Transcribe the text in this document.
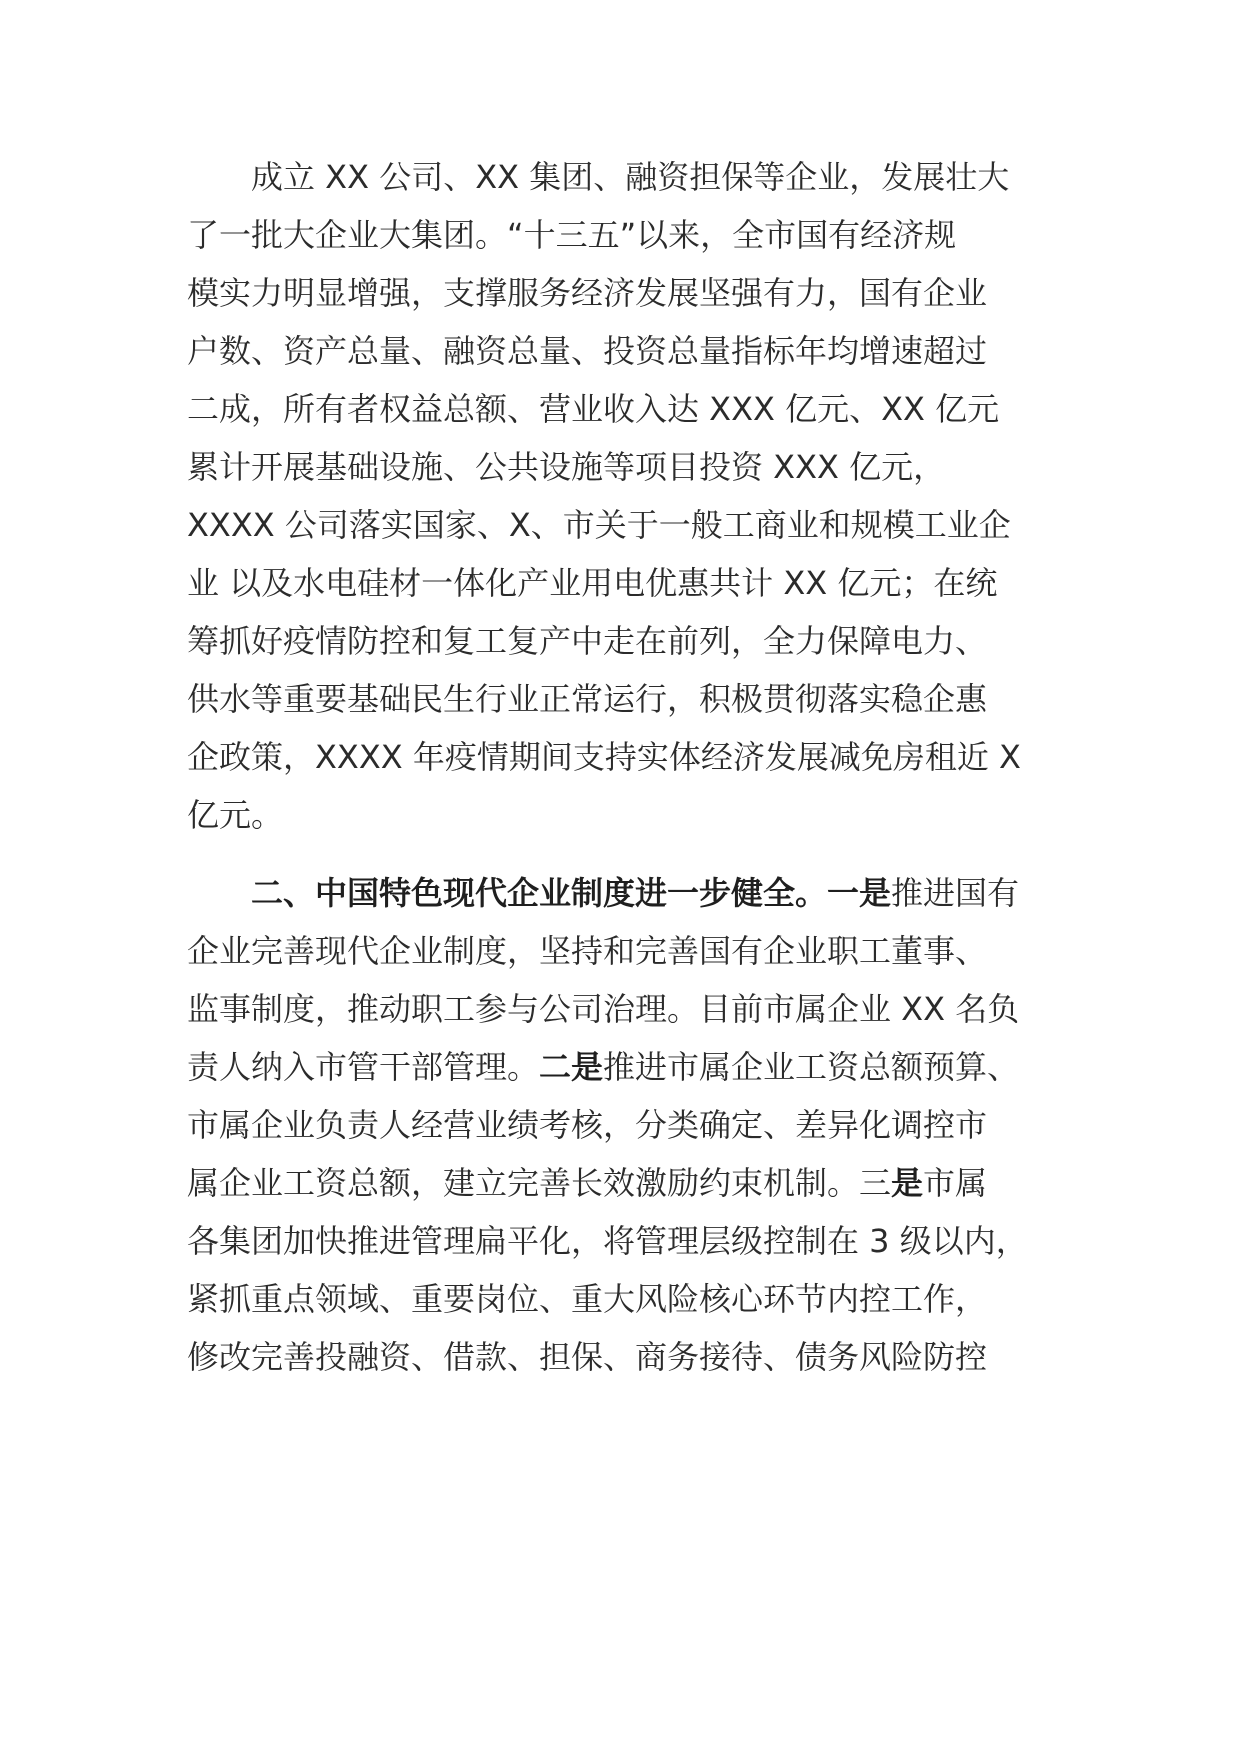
　　成立 XX 公司、XX 集团、融资担保等企业，发展壮大
了一批大企业大集团。“十三五”以来，全市国有经济规
模实力明显增强，支撑服务经济发展坚强有力，国有企业
户数、资产总量、融资总量、投资总量指标年均增速超过
二成，所有者权益总额、营业收入达 XXX 亿元、XX 亿元
累计开展基础设施、公共设施等项目投资 XXX 亿元，
XXXX 公司落实国家、X、市关于一般工商业和规模工业企
业 以及水电硅材一体化产业用电优惠共计 XX 亿元；在统
筹抓好疫情防控和复工复产中走在前列，全力保障电力、
供水等重要基础民生行业正常运行，积极贯彻落实稳企惠
企政策，XXXX 年疫情期间支持实体经济发展减免房租近 X
亿元。
　　二、中国特色现代企业制度进一步健全。一是推进国有
企业完善现代企业制度，坚持和完善国有企业职工董事、
监事制度，推动职工参与公司治理。目前市属企业 XX 名负
责人纳入市管干部管理。二是推进市属企业工资总额预算、
市属企业负责人经营业绩考核，分类确定、差异化调控市
属企业工资总额，建立完善长效激励约束机制。三是市属
各集团加快推进管理扁平化，将管理层级控制在 3 级以内，
紧抓重点领域、重要岗位、重大风险核心环节内控工作，
修改完善投融资、借款、担保、商务接待、债务风险防控
